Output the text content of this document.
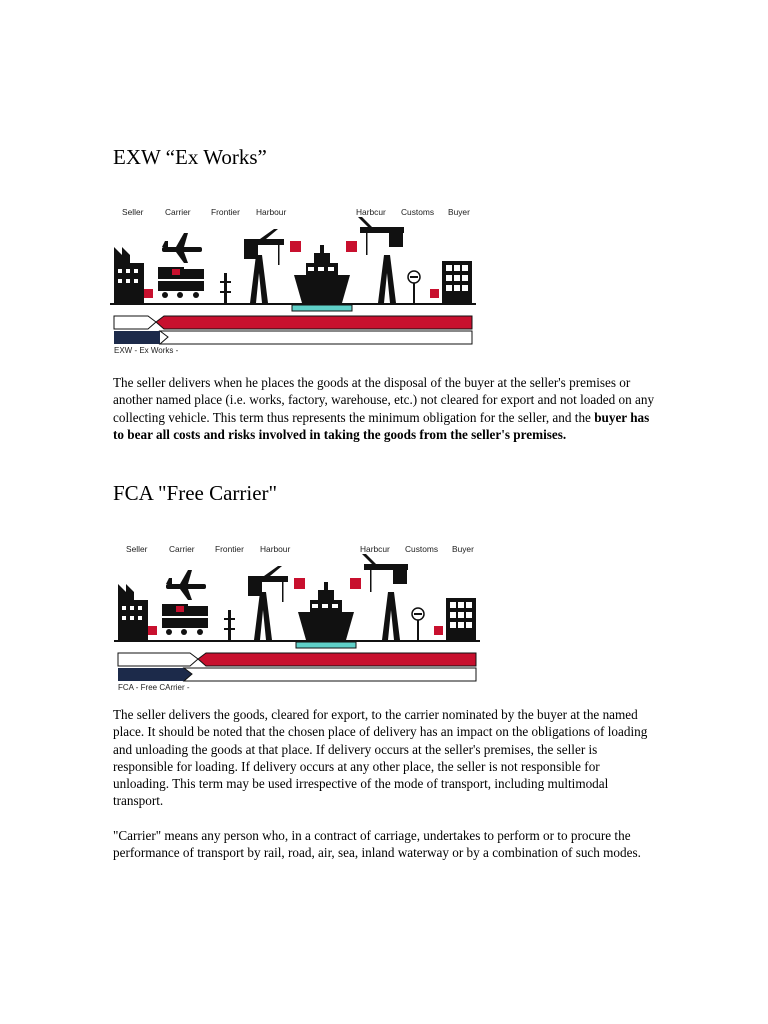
EXW “Ex Works”
Seller	Carrier Frontier Harbour	Harbcur Customs Buyer
EXW - Ex Works -

The seller delivers when he places the goods at the disposal of the buyer at the seller's premises or another named place (i.e. works, factory, warehouse, etc.) not cleared for export and not loaded on any collecting vehicle. This term thus represents the minimum obligation for the seller, and the buyer has to bear all costs and risks involved in taking the goods from the seller's premises.

FCA "Free Carrier"
Seller	Carrier Frontier Harbour	Harbcur Customs Buyer
FCA - Free CArrier -

The seller delivers the goods, cleared for export, to the carrier nominated by the buyer at the named place. It should be noted that the chosen place of delivery has an impact on the obligations of loading and unloading the goods at that place. If delivery occurs at the seller's premises, the seller is responsible for loading. If delivery occurs at any other place, the seller is not responsible for unloading. This term may be used irrespective of the mode of transport, including multimodal transport.

"Carrier" means any person who, in a contract of carriage, undertakes to perform or to procure the performance of transport by rail, road, air, sea, inland waterway or by a combination of such modes.
